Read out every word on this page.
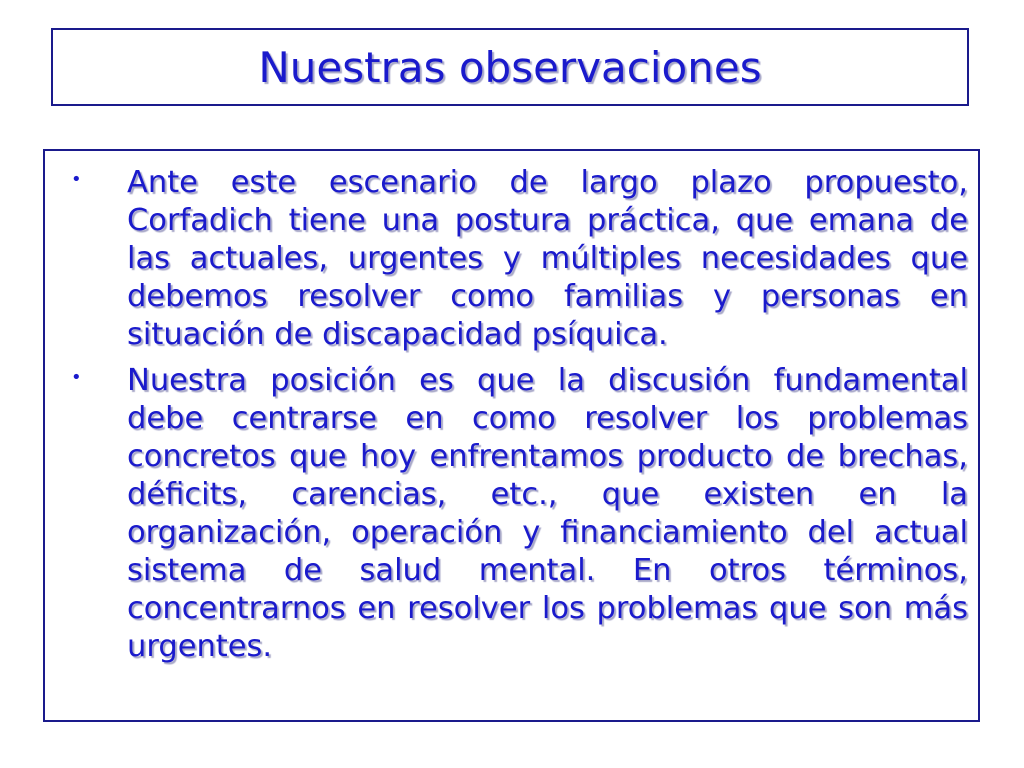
Nuestras observaciones
• Ante este escenario de largo plazo propuesto, Corfadich tiene una postura práctica, que emana de las actuales, urgentes y múltiples necesidades que debemos resolver como familias y personas en situación de discapacidad psíquica.
• Nuestra posición es que la discusión fundamental debe centrarse en como resolver los problemas concretos que hoy enfrentamos producto de brechas, déficits, carencias, etc., que existen en la organización, operación y financiamiento del actual sistema de salud mental. En otros términos, concentrarnos en resolver los problemas que son más urgentes.
